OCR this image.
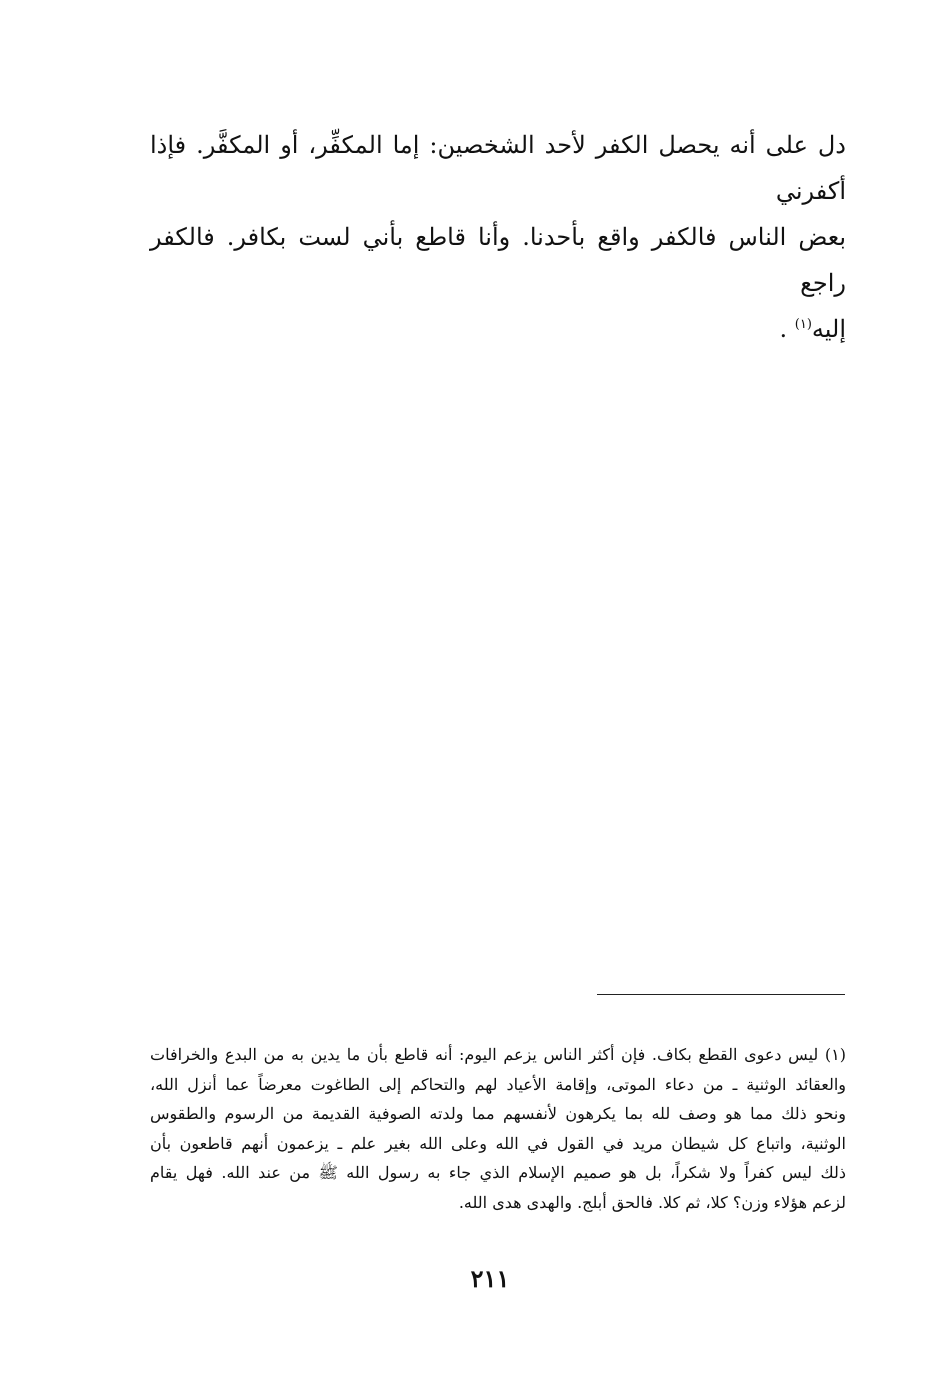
دل على أنه يحصل الكفر لأحد الشخصين: إما المكفِّر، أو المكفَّر. فإذا أكفرني
بعض الناس فالكفر واقع بأحدنا. وأنا قاطع بأني لست بكافر. فالكفر راجع
إليه$^{(١)}$ .
(١) ليس دعوى القطع بكاف. فإن أكثر الناس يزعم اليوم: أنه قاطع بأن ما يدين به من البدع والخرافات
والعقائد الوثنية ـ من دعاء الموتى، وإقامة الأعياد لهم والتحاكم إلى الطاغوت معرضاً عما أنزل الله،
ونحو ذلك مما هو وصف لله بما يكرهون لأنفسهم مما ولدته الصوفية القديمة من الرسوم والطقوس
الوثنية، واتباع كل شيطان مريد في القول في الله وعلى الله بغير علم ـ يزعمون أنهم قاطعون بأن
ذلك ليس كفراً ولا شكراً، بل هو صميم الإسلام الذي جاء به رسول الله ﷺ من عند الله. فهل يقام
لزعم هؤلاء وزن؟ كلا، ثم كلا. فالحق أبلج. والهدى هدى الله.
٢١١
